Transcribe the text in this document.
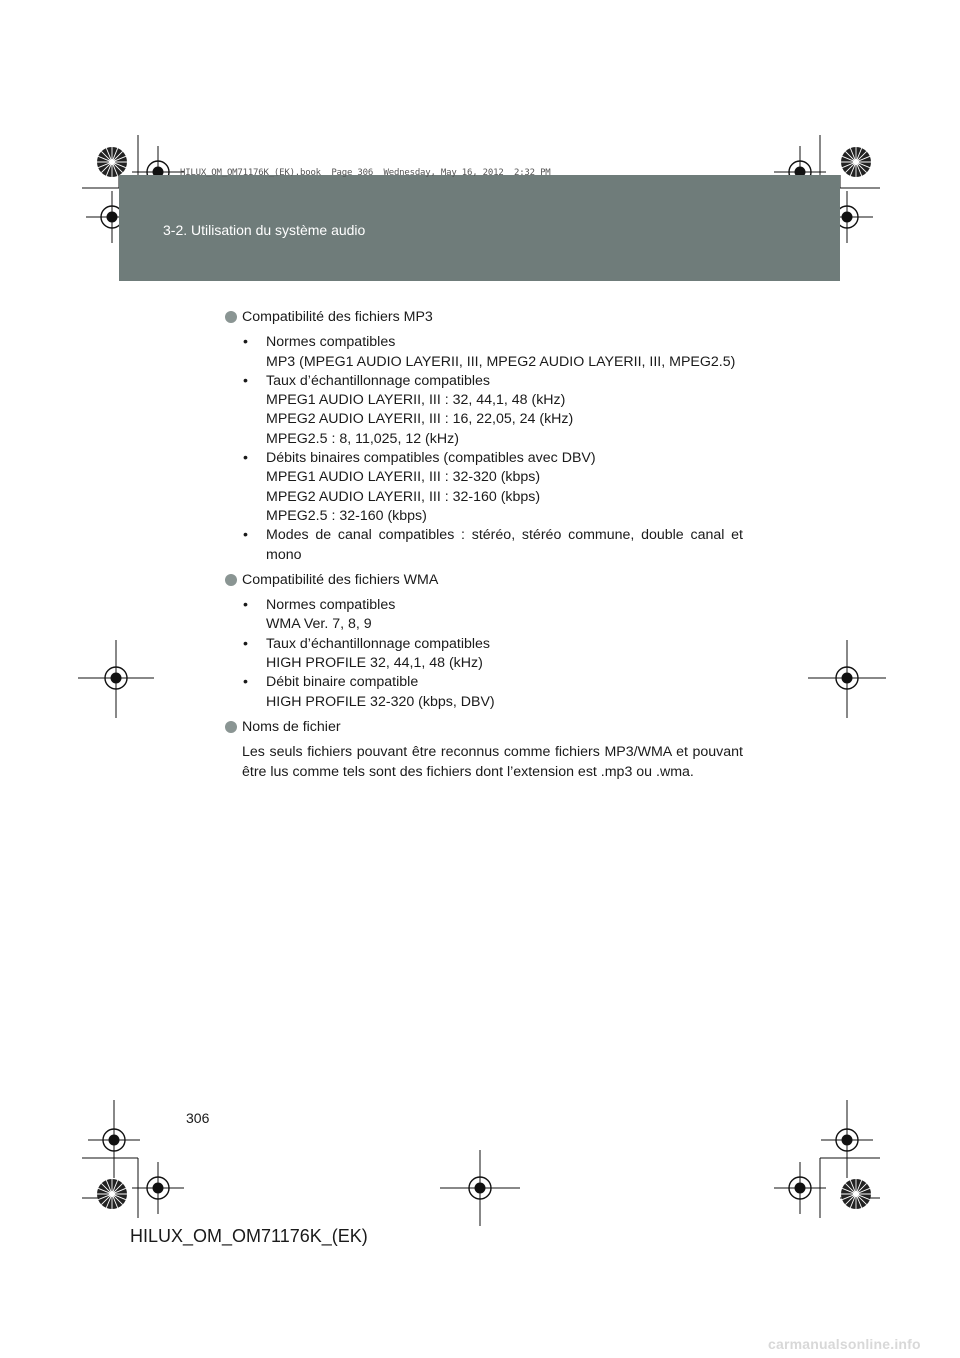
3-2. Utilisation du système audio
HILUX_OM_OM71176K_(EK).book  Page 306  Wednesday, May 16, 2012  2:32 PM
Compatibilité des fichiers MP3
• Normes compatibles
MP3 (MPEG1 AUDIO LAYERII, III, MPEG2 AUDIO LAYERII, III, MPEG2.5)
• Taux d’échantillonnage compatibles
MPEG1 AUDIO LAYERII, III : 32, 44,1, 48 (kHz)
MPEG2 AUDIO LAYERII, III : 16, 22,05, 24 (kHz)
MPEG2.5 : 8, 11,025, 12 (kHz)
• Débits binaires compatibles (compatibles avec DBV)
MPEG1 AUDIO LAYERII, III : 32-320 (kbps)
MPEG2 AUDIO LAYERII, III : 32-160 (kbps)
MPEG2.5 : 32-160 (kbps)
• Modes de canal compatibles : stéréo, stéréo commune, double canal et mono
Compatibilité des fichiers WMA
• Normes compatibles
WMA Ver. 7, 8, 9
• Taux d’échantillonnage compatibles
HIGH PROFILE 32, 44,1, 48 (kHz)
• Débit binaire compatible
HIGH PROFILE 32-320 (kbps, DBV)
Noms de fichier
Les seuls fichiers pouvant être reconnus comme fichiers MP3/WMA et pouvant être lus comme tels sont des fichiers dont l’extension est .mp3 ou .wma.
306
HILUX_OM_OM71176K_(EK)
carmanualsonline.info
